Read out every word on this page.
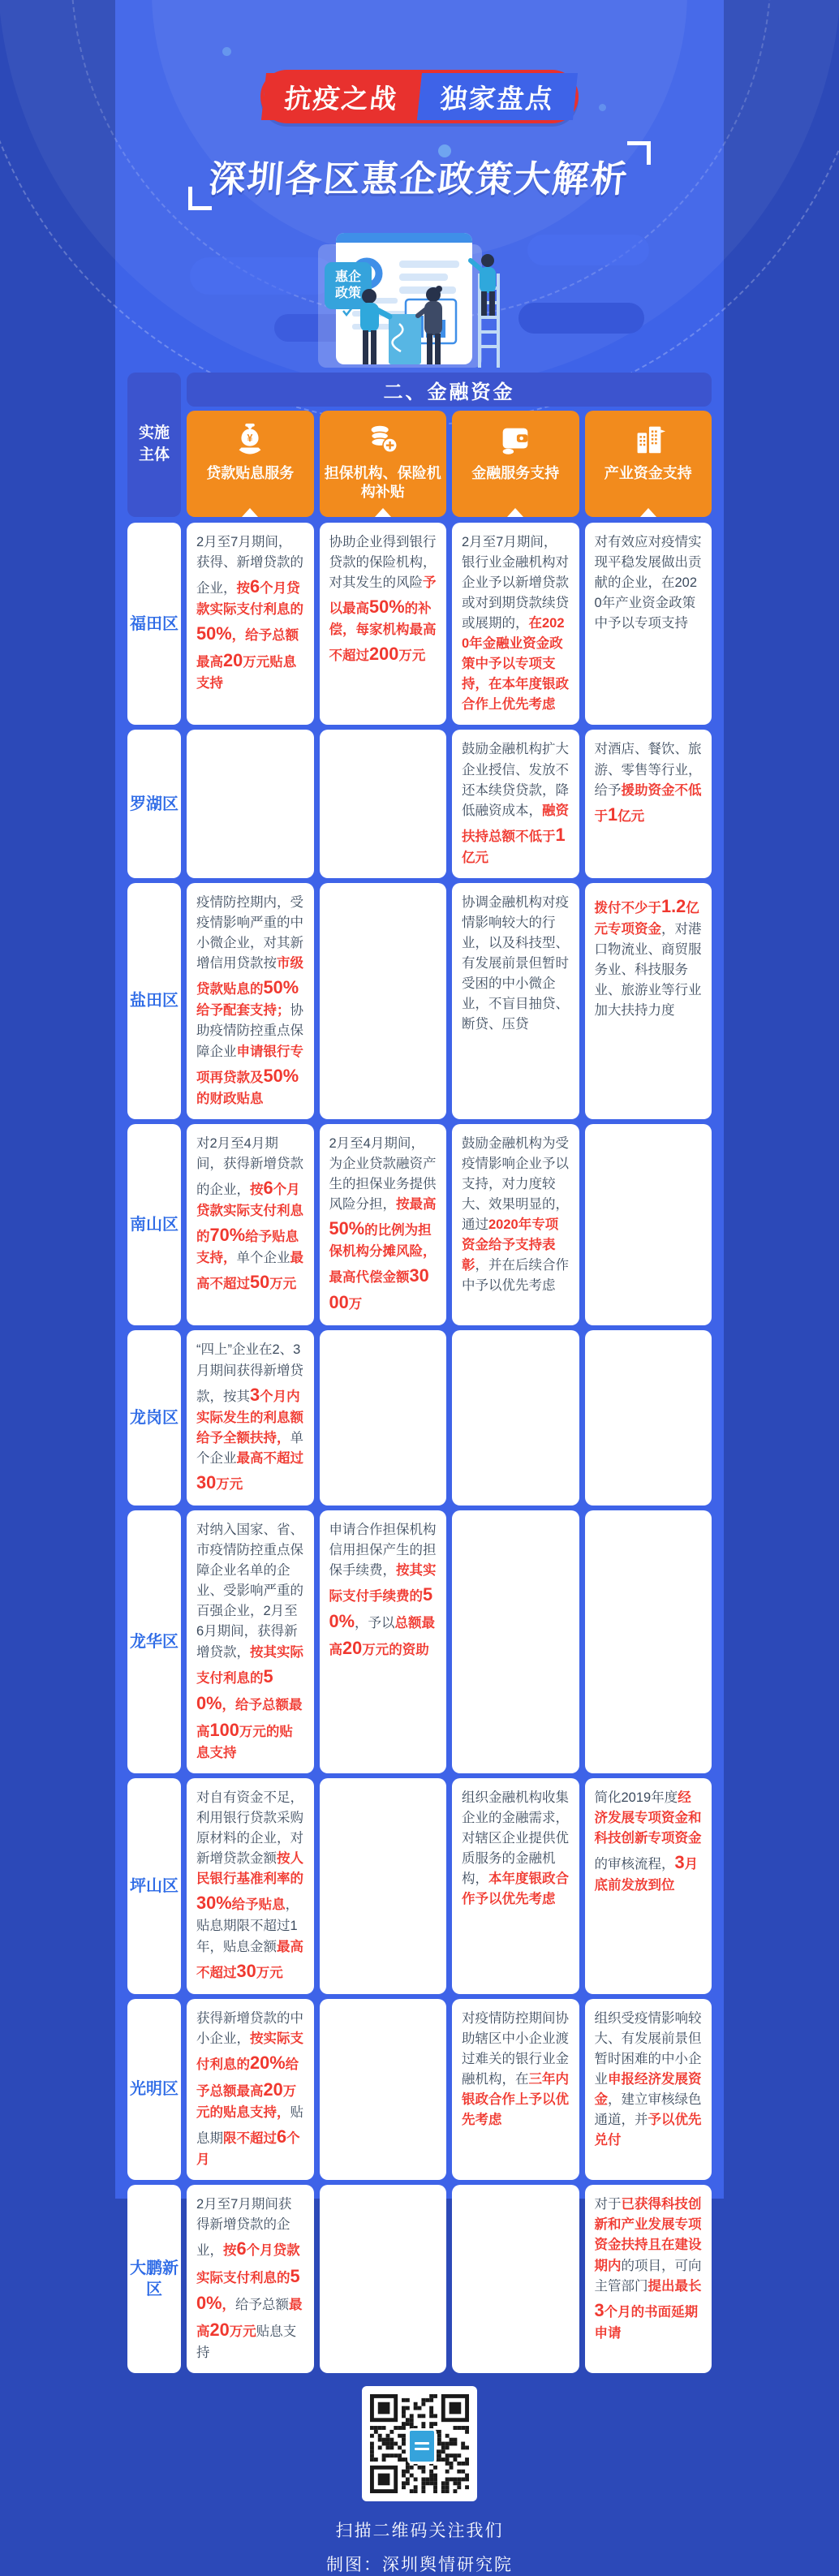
抗疫之战	独家盘点
深圳各区惠企政策大解析
惠企政策
实施主体
二、金融资金
¥
贷款贴息服务 担保机构、保险机构补贴
金融服务支持	产业资金支持
福田区
2月至7月期间，获得、新增贷款的企业，按6个月贷款实际支付利息的50%，给予总额最高20万元贴息支持
协助企业得到银行贷款的保险机构，对其发生的风险予以最高50%的补偿，每家机构最高不超过200万元
2月至7月期间，银行业金融机构对企业予以新增贷款或对到期贷款续贷或展期的，在2020年金融业资金政策中予以专项支持，在本年度银政合作上优先考虑
对有效应对疫情实现平稳发展做出贡献的企业，在2020年产业资金政策中予以专项支持
罗湖区
鼓励金融机构扩大企业授信、发放不还本续贷贷款，降低融资成本，融资扶持总额不低于1亿元
对酒店、餐饮、旅游、零售等行业，给予援助资金不低于1亿元
盐田区
疫情防控期内，受疫情影响严重的中小微企业，对其新增信用贷款按市级贷款贴息的50%给予配套支持；协助疫情防控重点保障企业申请银行专项再贷款及50%的财政贴息
协调金融机构对疫情影响较大的行业，以及科技型、有发展前景但暂时受困的中小微企业，不盲目抽贷、断贷、压贷
拨付不少于1.2亿元专项资金，对港口物流业、商贸服务业、科技服务业、旅游业等行业加大扶持力度
南山区
对2月至4月期间，获得新增贷款的企业，按6个月贷款实际支付利息的70%给予贴息支持，单个企业最高不超过50万元
2月至4月期间，为企业贷款融资产生的担保业务提供风险分担，按最高50%的比例为担保机构分摊风险，最高代偿金额3000万
鼓励金融机构为受疫情影响企业予以支持，对力度较大、效果明显的，通过2020年专项资金给予支持表彰，并在后续合作中予以优先考虑
龙岗区
“四上”企业在2、3月期间获得新增贷款，按其3个月内实际发生的利息额给予全额扶持，单个企业最高不超过30万元
龙华区
对纳入国家、省、市疫情防控重点保障企业名单的企业、受影响严重的百强企业，2月至6月期间，获得新增贷款，按其实际支付利息的50%，给予总额最高100万元的贴息支持
申请合作担保机构信用担保产生的担保手续费，按其实际支付手续费的50%，予以总额最高20万元的资助
坪山区
对自有资金不足，利用银行贷款采购原材料的企业，对新增贷款金额按人民银行基准利率的30%给予贴息，贴息期限不超过1年，贴息金额最高不超过30万元
组织金融机构收集企业的金融需求，对辖区企业提供优质服务的金融机构，本年度银政合作予以优先考虑
简化2019年度经济发展专项资金和科技创新专项资金的审核流程，3月底前发放到位
光明区
获得新增贷款的中小企业，按实际支付利息的20%给予总额最高20万元的贴息支持，贴息期限不超过6个月
对疫情防控期间协助辖区中小企业渡过难关的银行业金融机构，在三年内银政合作上予以优先考虑
组织受疫情影响较大、有发展前景但暂时困难的中小企业申报经济发展资金，建立审核绿色通道，并予以优先兑付
大鹏新区
2月至7月期间获得新增贷款的企业，按6个月贷款实际支付利息的50%，给予总额最高20万元贴息支持
对于已获得科技创新和产业发展专项资金扶持且在建设期内的项目，可向主管部门提出最长3个月的书面延期申请
扫描二维码关注我们
制图：深圳舆情研究院
